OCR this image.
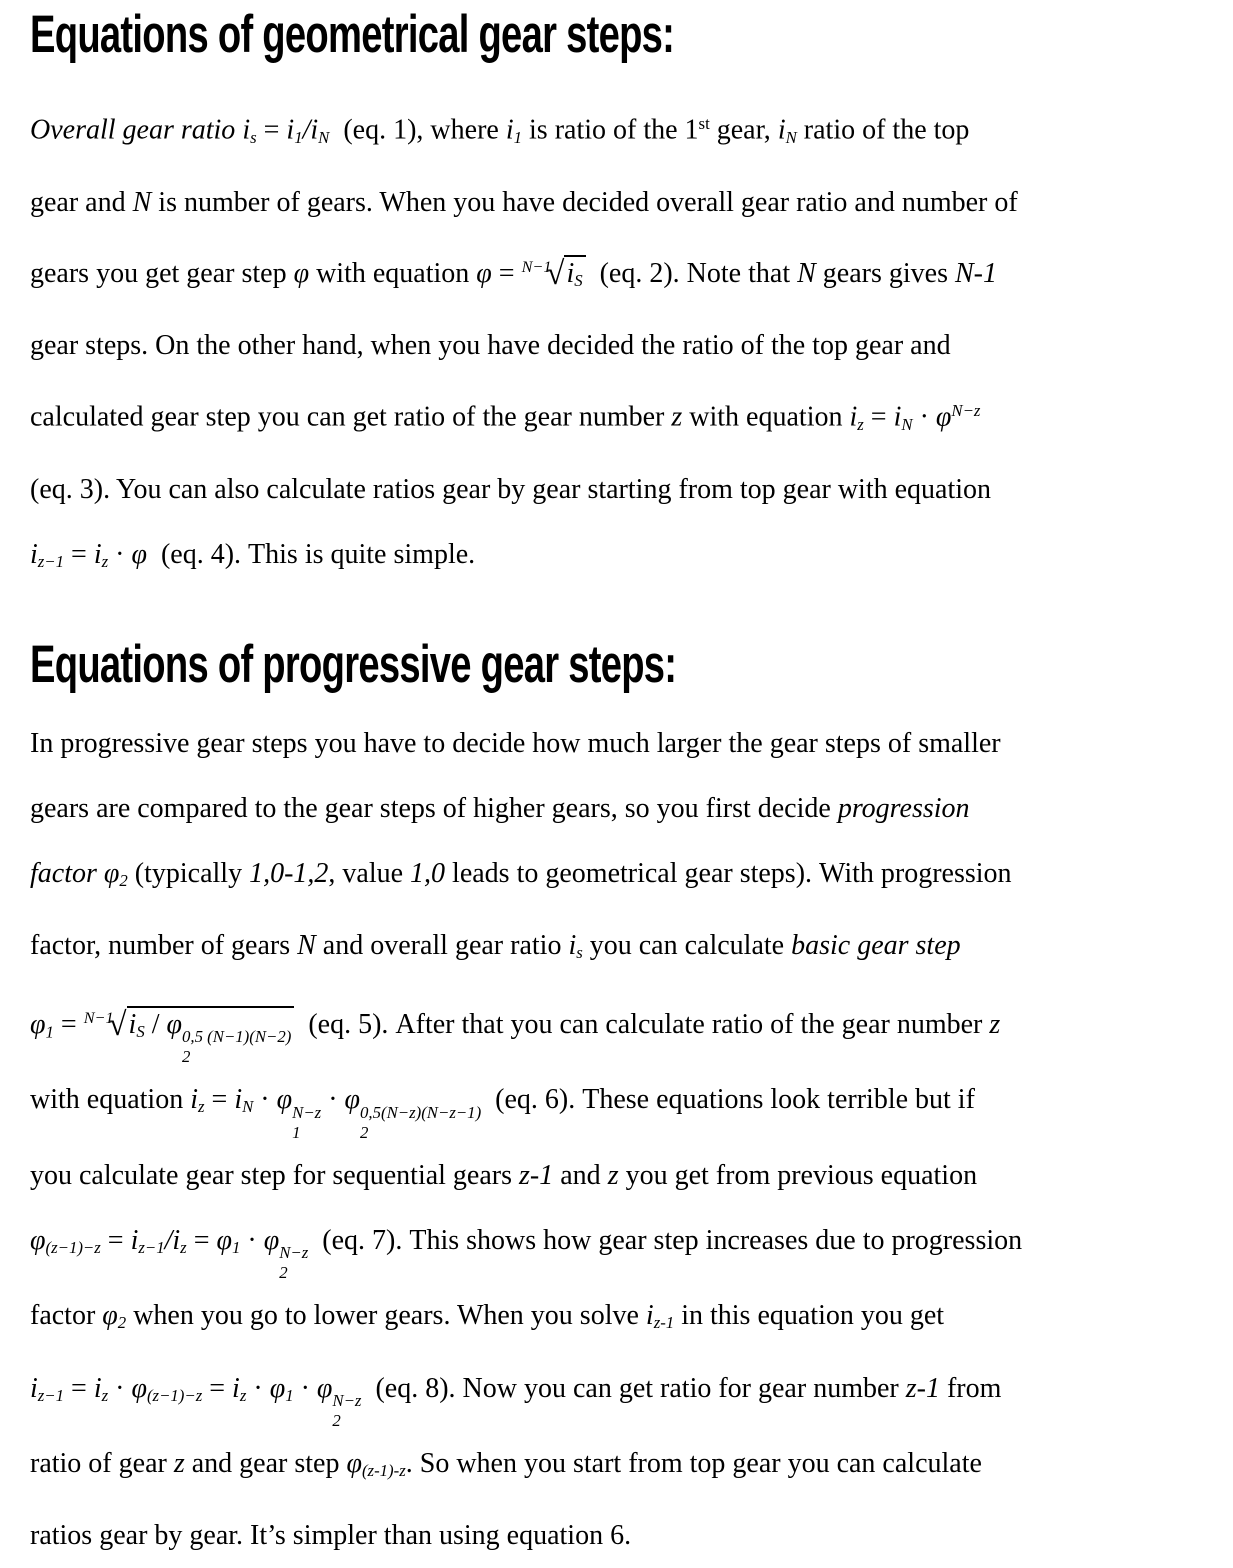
Equations of geometrical gear steps:

Overall gear ratio is = i1/iN  (eq. 1), where i1 is ratio of the 1st gear, iN ratio of the top
gear and N is number of gears. When you have decided overall gear ratio and number of
gears you get gear step φ with equation φ = $^{N-1}$√iS  (eq. 2). Note that N gears gives N-1
gear steps. On the other hand, when you have decided the ratio of the top gear and
calculated gear step you can get ratio of the gear number z with equation iz = iN · $\varphi^{N-z}$
(eq. 3). You can also calculate ratios gear by gear starting from top gear with equation
iz−1 = iz · φ  (eq. 4). This is quite simple.

Equations of progressive gear steps:

In progressive gear steps you have to decide how much larger the gear steps of smaller
gears are compared to the gear steps of higher gears, so you first decide progression
factor φ2 (typically 1,0-1,2, value 1,0 leads to geometrical gear steps). With progression
factor, number of gears N and overall gear ratio is you can calculate basic gear step
φ1 = $^{N-1}$√iS / φ 0,5 (N−1)(N−2)
2
(eq. 5). After that you can calculate ratio of the gear number z
with equation iz = iN · φ N−z
1
· φ 0,5(N−z)(N−z−1)
2
(eq. 6). These equations look terrible but if
you calculate gear step for sequential gears z-1 and z you get from previous equation
φ(z−1)−z = iz−1/iz = φ1 · φ N−z
2
(eq. 7). This shows how gear step increases due to progression
factor φ2 when you go to lower gears. When you solve iz-1 in this equation you get
iz−1 = iz · φ(z−1)−z = iz · φ1 · φ N−z
2
(eq. 8). Now you can get ratio for gear number z-1 from
ratio of gear z and gear step φ(z-1)-z. So when you start from top gear you can calculate
ratios gear by gear. It’s simpler than using equation 6.
